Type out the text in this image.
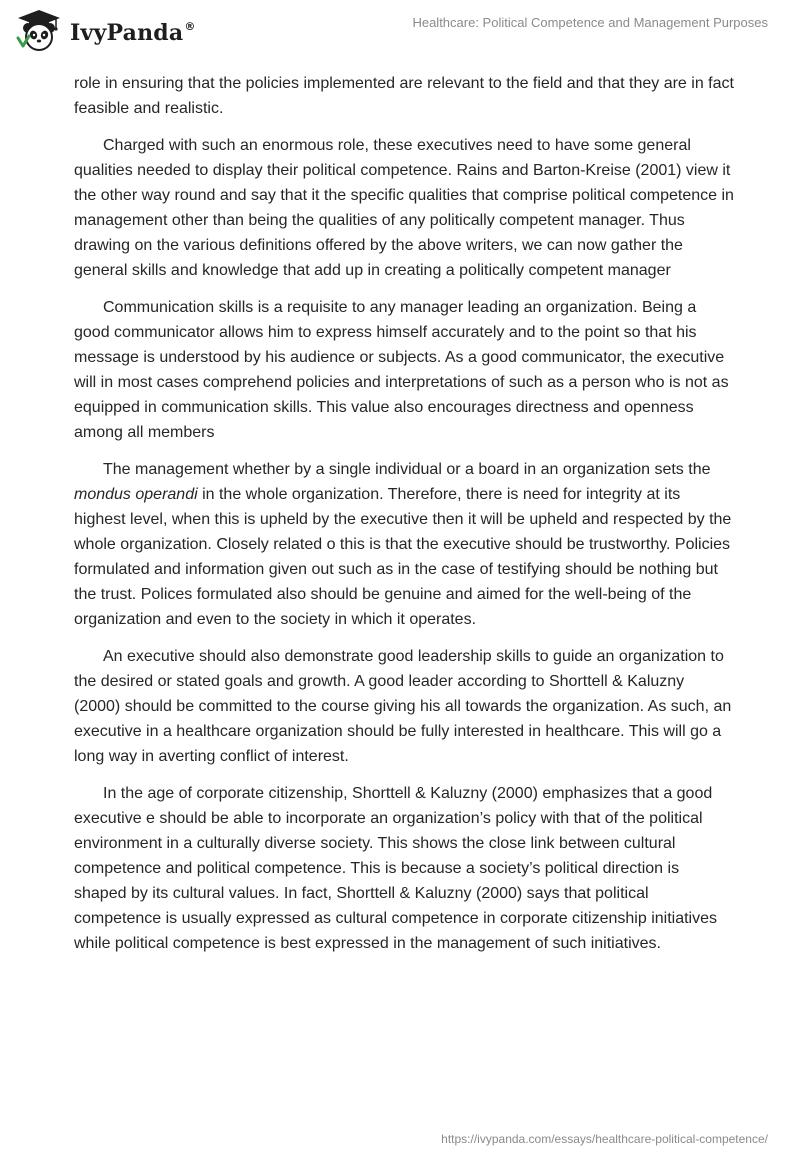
IvyPanda®	Healthcare: Political Competence and Management Purposes

role in ensuring that the policies implemented are relevant to the field and that they are in fact feasible and realistic.

Charged with such an enormous role, these executives need to have some general qualities needed to display their political competence. Rains and Barton-Kreise (2001) view it the other way round and say that it the specific qualities that comprise political competence in management other than being the qualities of any politically competent manager. Thus drawing on the various definitions offered by the above writers, we can now gather the general skills and knowledge that add up in creating a politically competent manager

Communication skills is a requisite to any manager leading an organization. Being a good communicator allows him to express himself accurately and to the point so that his message is understood by his audience or subjects. As a good communicator, the executive will in most cases comprehend policies and interpretations of such as a person who is not as equipped in communication skills. This value also encourages directness and openness among all members

The management whether by a single individual or a board in an organization sets the mondus operandi in the whole organization. Therefore, there is need for integrity at its highest level, when this is upheld by the executive then it will be upheld and respected by the whole organization. Closely related o this is that the executive should be trustworthy. Policies formulated and information given out such as in the case of testifying should be nothing but the trust. Polices formulated also should be genuine and aimed for the well-being of the organization and even to the society in which it operates.

An executive should also demonstrate good leadership skills to guide an organization to the desired or stated goals and growth. A good leader according to Shorttell & Kaluzny (2000) should be committed to the course giving his all towards the organization. As such, an executive in a healthcare organization should be fully interested in healthcare. This will go a long way in averting conflict of interest.

In the age of corporate citizenship, Shorttell & Kaluzny (2000) emphasizes that a good executive e should be able to incorporate an organization’s policy with that of the political environment in a culturally diverse society. This shows the close link between cultural competence and political competence. This is because a society’s political direction is shaped by its cultural values. In fact, Shorttell & Kaluzny (2000) says that political competence is usually expressed as cultural competence in corporate citizenship initiatives while political competence is best expressed in the management of such initiatives.

https://ivypanda.com/essays/healthcare-political-competence/
